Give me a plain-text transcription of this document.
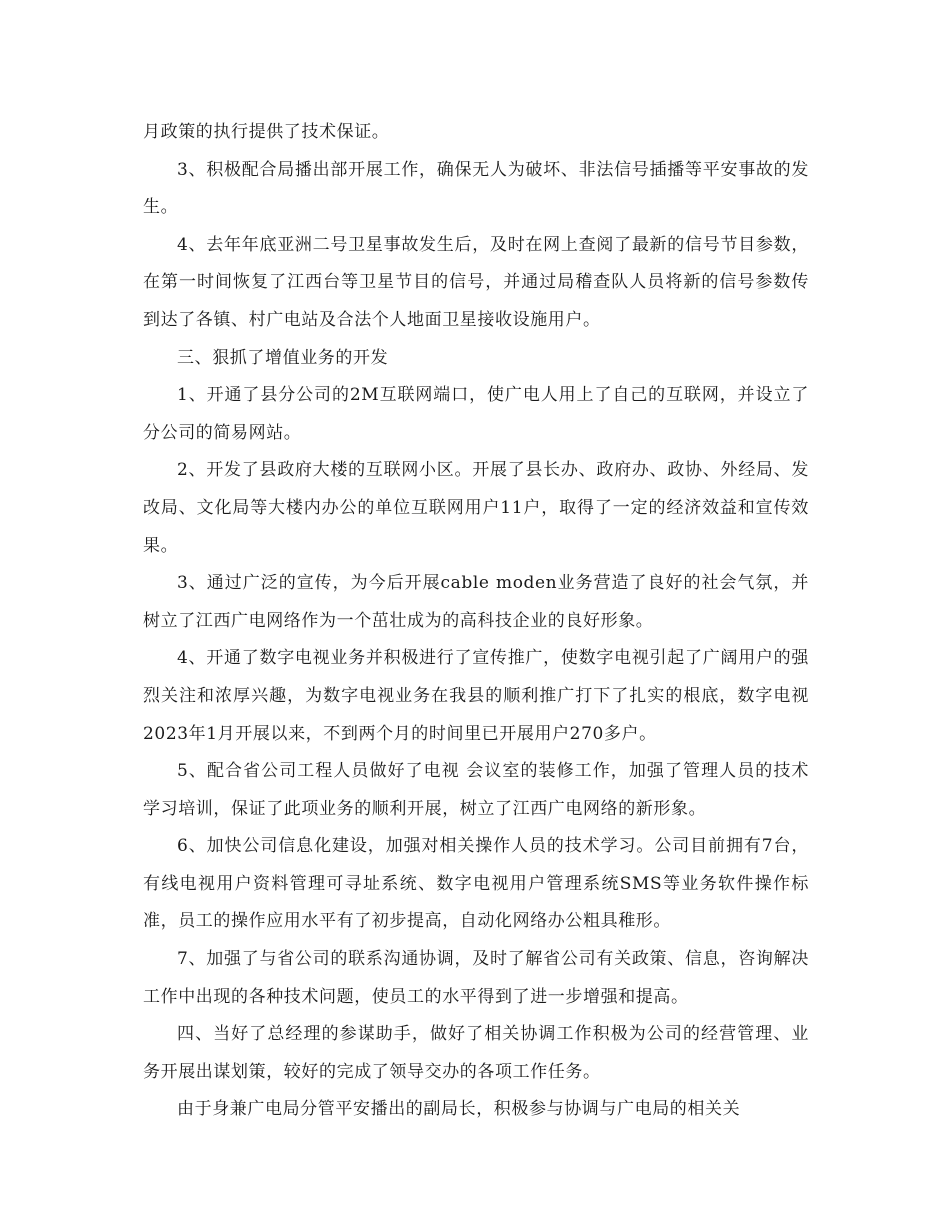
月政策的执行提供了技术保证。

3、积极配合局播出部开展工作，确保无人为破坏、非法信号插播等平安事故的发生。

4、去年年底亚洲二号卫星事故发生后，及时在网上查阅了最新的信号节目参数，在第一时间恢复了江西台等卫星节目的信号，并通过局稽查队人员将新的信号参数传到达了各镇、村广电站及合法个人地面卫星接收设施用户。

三、狠抓了增值业务的开发

1、开通了县分公司的2M互联网端口，使广电人用上了自己的互联网，并设立了分公司的简易网站。

2、开发了县政府大楼的互联网小区。开展了县长办、政府办、政协、外经局、发改局、文化局等大楼内办公的单位互联网用户11户，取得了一定的经济效益和宣传效果。

3、通过广泛的宣传，为今后开展cable moden业务营造了良好的社会气氛，并树立了江西广电网络作为一个茁壮成为的高科技企业的良好形象。

4、开通了数字电视业务并积极进行了宣传推广，使数字电视引起了广阔用户的强烈关注和浓厚兴趣，为数字电视业务在我县的顺利推广打下了扎实的根底，数字电视2023年1月开展以来，不到两个月的时间里已开展用户270多户。

5、配合省公司工程人员做好了电视 会议室的装修工作，加强了管理人员的技术学习培训，保证了此项业务的顺利开展，树立了江西广电网络的新形象。

6、加快公司信息化建设，加强对相关操作人员的技术学习。公司目前拥有7台，有线电视用户资料管理可寻址系统、数字电视用户管理系统SMS等业务软件操作标准，员工的操作应用水平有了初步提高，自动化网络办公粗具稚形。

7、加强了与省公司的联系沟通协调，及时了解省公司有关政策、信息，咨询解决工作中出现的各种技术问题，使员工的水平得到了进一步增强和提高。

四、当好了总经理的参谋助手，做好了相关协调工作积极为公司的经营管理、业务开展出谋划策，较好的完成了领导交办的各项工作任务。

由于身兼广电局分管平安播出的副局长，积极参与协调与广电局的相关关
